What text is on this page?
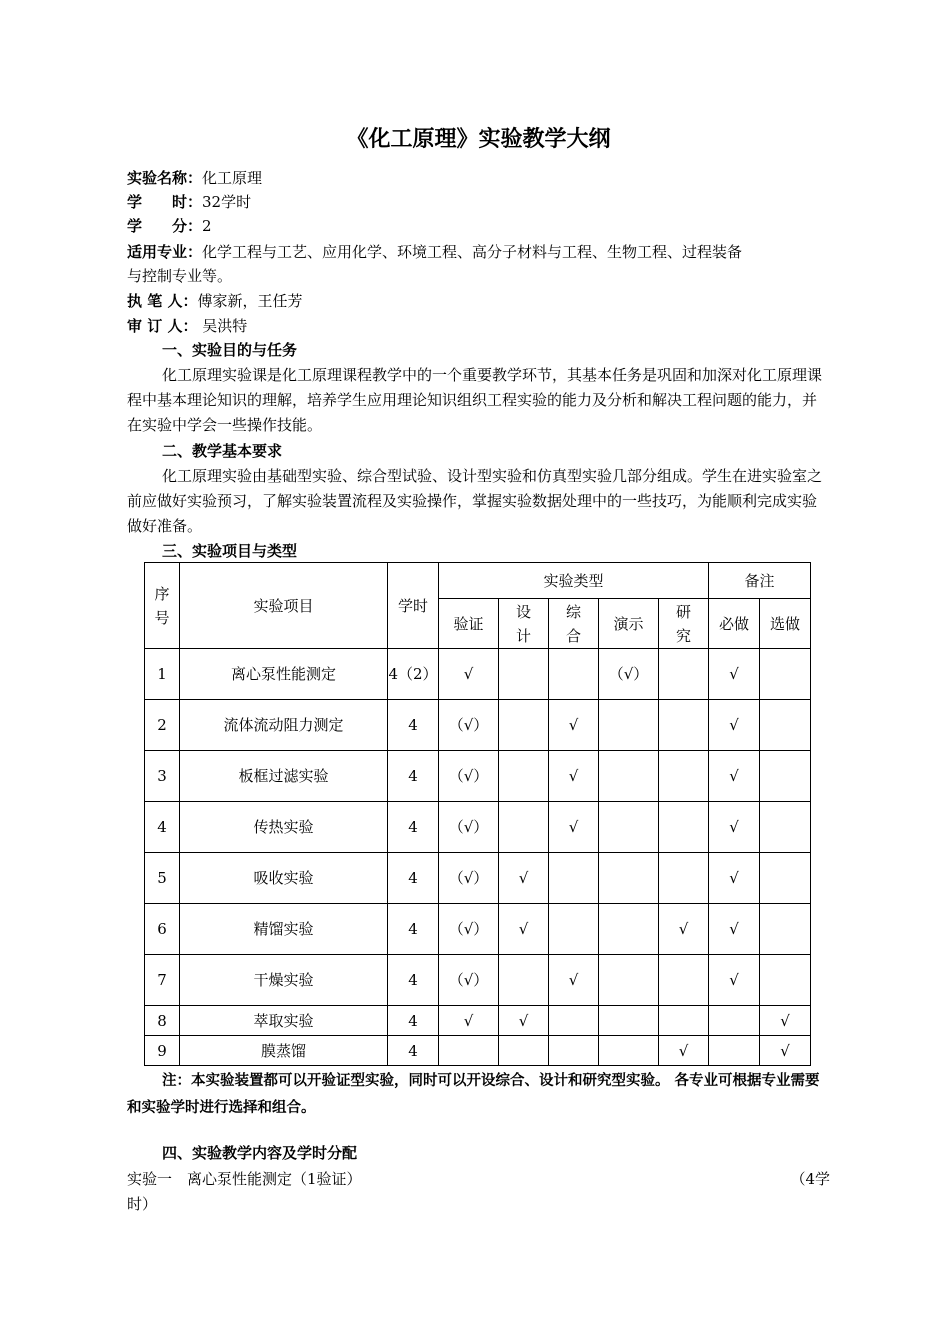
《化工原理》实验教学大纲
实验名称：化工原理
学　　时：32学时
学　　分：2
适用专业：化学工程与工艺、应用化学、环境工程、高分子材料与工程、生物工程、过程装备
与控制专业等。
执 笔 人：傅家新，王任芳
审 订 人： 吴洪特
一、实验目的与任务
化工原理实验课是化工原理课程教学中的一个重要教学环节，其基本任务是巩固和加深对化工原理课程中基本理论知识的理解，培养学生应用理论知识组织工程实验的能力及分析和解决工程问题的能力，并在实验中学会一些操作技能。
二、教学基本要求
化工原理实验由基础型实验、综合型试验、设计型实验和仿真型实验几部分组成。学生在进实验室之前应做好实验预习，了解实验装置流程及实验操作，掌握实验数据处理中的一些技巧，为能顺利完成实验做好准备。
三、实验项目与类型
序号	实验项目	学时	实验类型					备注	
			验证	设计	综合	演示	研究	必做	选做
1	离心泵性能测定	4（2）	√			（√）		√	
2	流体流动阻力测定	4	（√）		√			√	
3	板框过滤实验	4	（√）		√			√	
4	传热实验	4	（√）		√			√	
5	吸收实验	4	（√）	√				√	
6	精馏实验	4	（√）	√			√	√	
7	干燥实验	4	（√）		√			√	
8	萃取实验	4	√	√					√
9	膜蒸馏	4					√		√
注：本实验装置都可以开验证型实验，同时可以开设综合、设计和研究型实验。 各专业可根据专业需要和实验学时进行选择和组合。
四、实验教学内容及学时分配
实验一　离心泵性能测定（1验证）	（4学
时）
